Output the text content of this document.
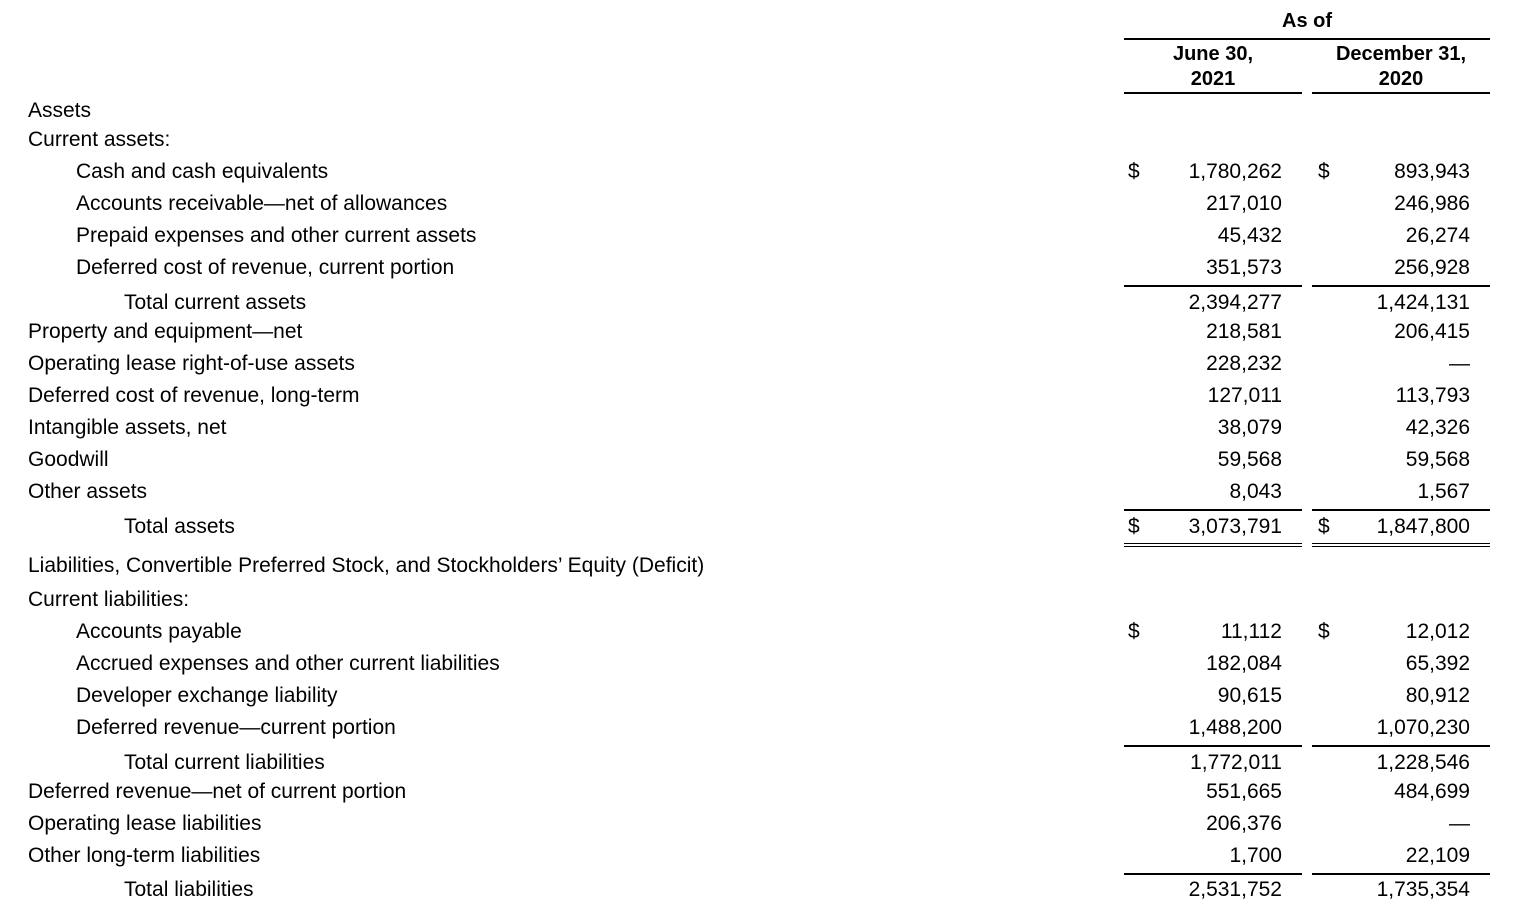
As of
June 30,
2021
December 31,
2020
Assets
Current assets:
Cash and cash equivalents	$ 1,780,262 $	893,943
Accounts receivable—net of allowances	217,010	246,986
Prepaid expenses and other current assets	45,432	26,274
Deferred cost of revenue, current portion	351,573	256,928
Total current assets	2,394,277	1,424,131
Property and equipment—net	218,581	206,415
Operating lease right-of-use assets	228,232	—
Deferred cost of revenue, long-term	127,011	113,793
Intangible assets, net	38,079	42,326
Goodwill	59,568	59,568
Other assets	8,043	1,567
Total assets	$ 3,073,791 $ 1,847,800
Liabilities, Convertible Preferred Stock, and Stockholders’ Equity (Deficit)
Current liabilities:
Accounts payable	$	11,112 $	12,012
Accrued expenses and other current liabilities	182,084	65,392
Developer exchange liability	90,615	80,912
Deferred revenue—current portion	1,488,200	1,070,230
Total current liabilities	1,772,011	1,228,546
Deferred revenue—net of current portion	551,665	484,699
Operating lease liabilities	206,376	—
Other long-term liabilities	1,700	22,109
Total liabilities	2,531,752	1,735,354
